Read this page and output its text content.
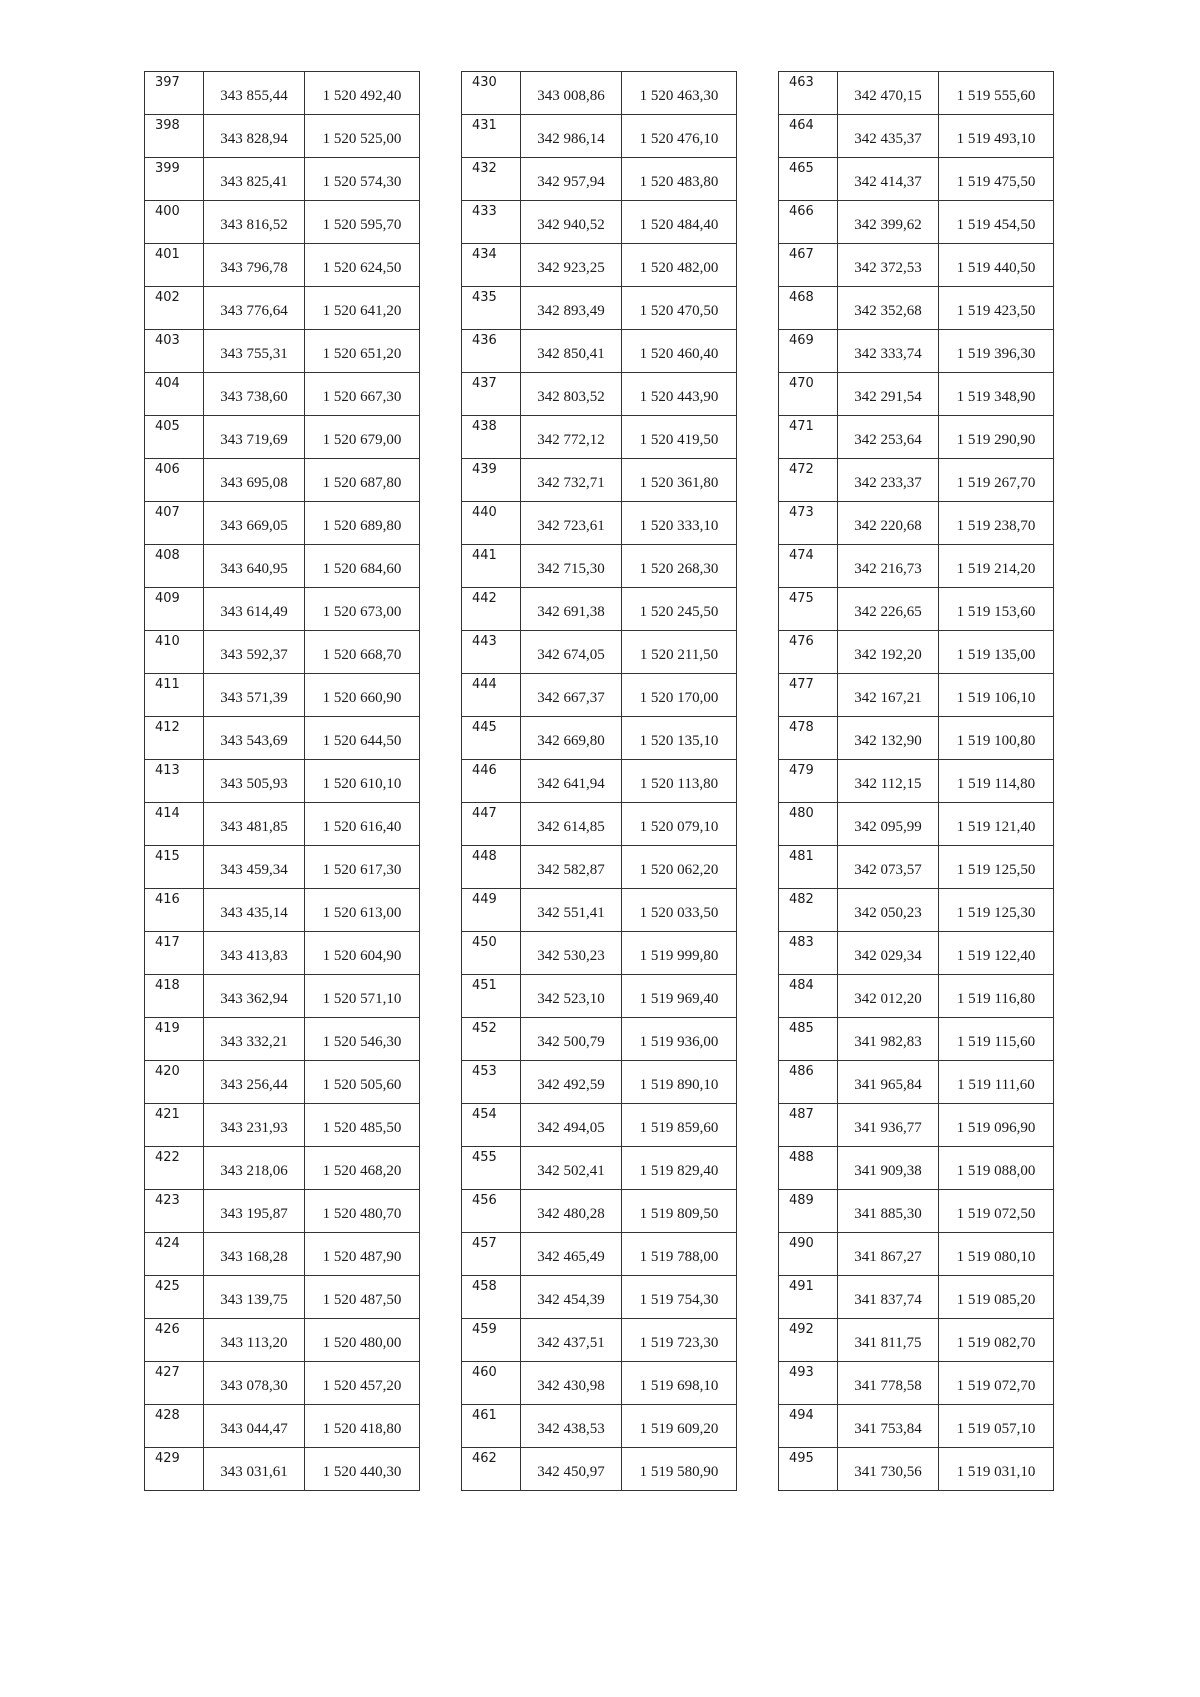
397	343 855,44	1 520 492,40
398	343 828,94	1 520 525,00
399	343 825,41	1 520 574,30
400	343 816,52	1 520 595,70
401	343 796,78	1 520 624,50
402	343 776,64	1 520 641,20
403	343 755,31	1 520 651,20
404	343 738,60	1 520 667,30
405	343 719,69	1 520 679,00
406	343 695,08	1 520 687,80
407	343 669,05	1 520 689,80
408	343 640,95	1 520 684,60
409	343 614,49	1 520 673,00
410	343 592,37	1 520 668,70
411	343 571,39	1 520 660,90
412	343 543,69	1 520 644,50
413	343 505,93	1 520 610,10
414	343 481,85	1 520 616,40
415	343 459,34	1 520 617,30
416	343 435,14	1 520 613,00
417	343 413,83	1 520 604,90
418	343 362,94	1 520 571,10
419	343 332,21	1 520 546,30
420	343 256,44	1 520 505,60
421	343 231,93	1 520 485,50
422	343 218,06	1 520 468,20
423	343 195,87	1 520 480,70
424	343 168,28	1 520 487,90
425	343 139,75	1 520 487,50
426	343 113,20	1 520 480,00
427	343 078,30	1 520 457,20
428	343 044,47	1 520 418,80
429	343 031,61	1 520 440,30
430	343 008,86	1 520 463,30
431	342 986,14	1 520 476,10
432	342 957,94	1 520 483,80
433	342 940,52	1 520 484,40
434	342 923,25	1 520 482,00
435	342 893,49	1 520 470,50
436	342 850,41	1 520 460,40
437	342 803,52	1 520 443,90
438	342 772,12	1 520 419,50
439	342 732,71	1 520 361,80
440	342 723,61	1 520 333,10
441	342 715,30	1 520 268,30
442	342 691,38	1 520 245,50
443	342 674,05	1 520 211,50
444	342 667,37	1 520 170,00
445	342 669,80	1 520 135,10
446	342 641,94	1 520 113,80
447	342 614,85	1 520 079,10
448	342 582,87	1 520 062,20
449	342 551,41	1 520 033,50
450	342 530,23	1 519 999,80
451	342 523,10	1 519 969,40
452	342 500,79	1 519 936,00
453	342 492,59	1 519 890,10
454	342 494,05	1 519 859,60
455	342 502,41	1 519 829,40
456	342 480,28	1 519 809,50
457	342 465,49	1 519 788,00
458	342 454,39	1 519 754,30
459	342 437,51	1 519 723,30
460	342 430,98	1 519 698,10
461	342 438,53	1 519 609,20
462	342 450,97	1 519 580,90
463	342 470,15	1 519 555,60
464	342 435,37	1 519 493,10
465	342 414,37	1 519 475,50
466	342 399,62	1 519 454,50
467	342 372,53	1 519 440,50
468	342 352,68	1 519 423,50
469	342 333,74	1 519 396,30
470	342 291,54	1 519 348,90
471	342 253,64	1 519 290,90
472	342 233,37	1 519 267,70
473	342 220,68	1 519 238,70
474	342 216,73	1 519 214,20
475	342 226,65	1 519 153,60
476	342 192,20	1 519 135,00
477	342 167,21	1 519 106,10
478	342 132,90	1 519 100,80
479	342 112,15	1 519 114,80
480	342 095,99	1 519 121,40
481	342 073,57	1 519 125,50
482	342 050,23	1 519 125,30
483	342 029,34	1 519 122,40
484	342 012,20	1 519 116,80
485	341 982,83	1 519 115,60
486	341 965,84	1 519 111,60
487	341 936,77	1 519 096,90
488	341 909,38	1 519 088,00
489	341 885,30	1 519 072,50
490	341 867,27	1 519 080,10
491	341 837,74	1 519 085,20
492	341 811,75	1 519 082,70
493	341 778,58	1 519 072,70
494	341 753,84	1 519 057,10
495	341 730,56	1 519 031,10
